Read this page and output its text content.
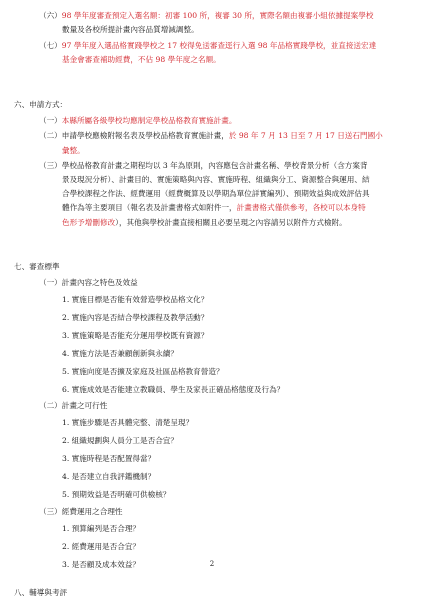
（六）98 學年度審查預定入選名額：初審 100 所，複審 30 所，實際名額由複審小組依據提案學校
數量及各校所提計畫內容品質增減調整。
（七）97 學年度入選品格實踐學校之 17 校得免送審查逕行入選 98 年品格實踐學校，並直接送宏達
基金會審查補助經費，不佔 98 學年度之名額。
六、申請方式：
（一）本縣所屬各級學校均應制定學校品格教育實施計畫。
（二）申請學校應檢附報名表及學校品格教育實施計畫，於 98 年 7 月 13 日至 7 月 17 日送石門國小
彙整。
（三）學校品格教育計畫之期程均以 3 年為原則，內容應包含計畫名稱、學校背景分析（含方案背
景及現況分析）、計畫目的、實施策略與內容、實施時程、組織與分工、資源整合與運用、結
合學校課程之作法、經費運用（經費概算及以學期為單位詳實編列）、預期效益與成效評估具
體作為等主要項目（報名表及計畫書格式如附件一，計畫書格式僅供參考，各校可以本身特
色形予增刪修改），其他與學校計畫直接相關且必要呈現之內容請另以附件方式檢附。
七、審查標準
（一）計畫內容之特色及效益
1. 實施目標是否能有效營造學校品格文化？
2. 實施內容是否結合學校課程及教學活動？
3. 實施策略是否能充分運用學校既有資源？
4. 實施方法是否兼顧創新與永續？
5. 實施向度是否擴及家庭及社區品格教育營造？
6. 實施成效是否能建立教職員、學生及家長正確品格態度及行為？
（二）計畫之可行性
1. 實施步驟是否具體完整、清楚呈現？
2. 組織規劃與人員分工是否合宜？
3. 實施時程是否配置得當？
4. 是否建立自我評鑑機制？
5. 預期效益是否明確可供檢核？
（三）經費運用之合理性
1. 預算編列是否合理？
2. 經費運用是否合宜？
3. 是否顧及成本效益？
八、輔導與考評
2
